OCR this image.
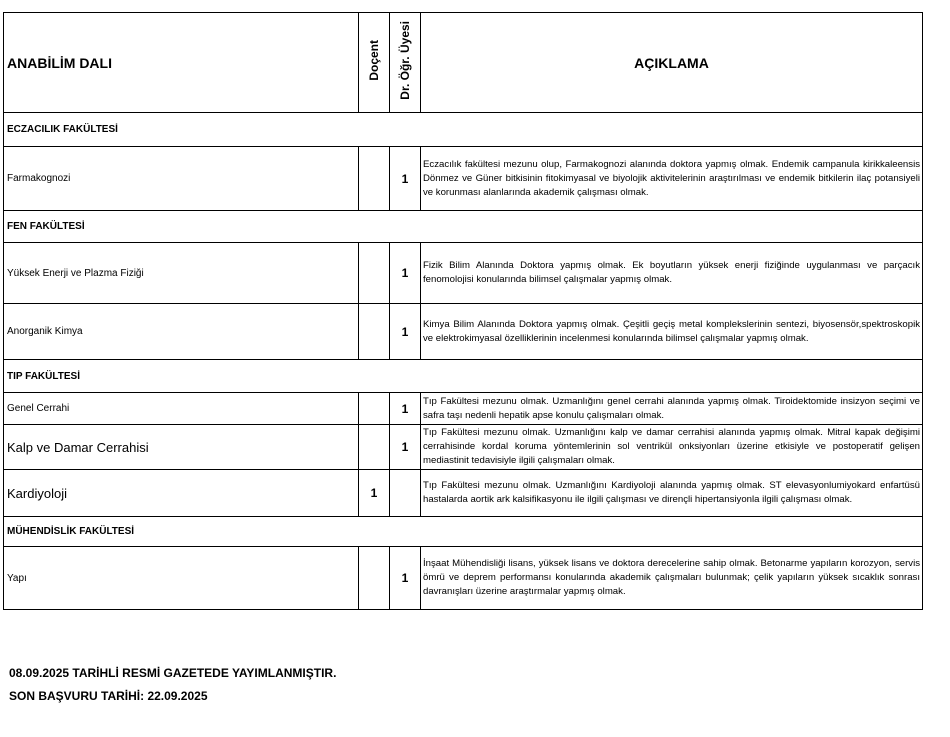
ANABİLİM DALI	Doçent	Dr. Öğr. Üyesi	AÇIKLAMA
ECZACILIK FAKÜLTESİ			
Farmakognozi		1	Eczacılık fakültesi mezunu olup, Farmakognozi alanında doktora yapmış olmak. Endemik campanula kirikkaleensis Dönmez ve Güner bitkisinin fitokimyasal ve biyolojik aktivitelerinin araştırılması ve endemik bitkilerin ilaç potansiyeli ve korunması alanlarında akademik çalışması olmak.
FEN FAKÜLTESİ			
Yüksek Enerji ve Plazma Fiziği		1	Fizik Bilim Alanında Doktora yapmış olmak. Ek boyutların yüksek enerji fiziğinde uygulanması ve parçacık fenomolojisi konularında bilimsel çalışmalar yapmış olmak.
Anorganik Kimya		1	Kimya Bilim Alanında Doktora yapmış olmak. Çeşitli geçiş metal komplekslerinin sentezi, biyosensör,spektroskopik ve elektrokimyasal özelliklerinin incelenmesi konularında bilimsel çalışmalar yapmış olmak.
TIP FAKÜLTESİ			
Genel Cerrahi		1	Tıp Fakültesi mezunu olmak. Uzmanlığını genel cerrahi alanında yapmış olmak. Tiroidektomide insizyon seçimi ve safra taşı nedenli hepatik apse konulu çalışmaları olmak.
Kalp ve Damar Cerrahisi		1	Tıp Fakültesi mezunu olmak. Uzmanlığını kalp ve damar cerrahisi alanında yapmış olmak. Mitral kapak değişimi cerrahisinde kordal koruma yöntemlerinin sol ventrikül onksiyonları üzerine etkisiyle ve postoperatif gelişen mediastinit tedavisiyle ilgili çalışmaları olmak.
Kardiyoloji	1		Tıp Fakültesi mezunu olmak. Uzmanlığını Kardiyoloji alanında yapmış olmak. ST elevasyonlumiyokard enfartüsü hastalarda aortik ark kalsifikasyonu ile ilgili çalışması ve dirençli hipertansiyonla ilgili çalışması olmak.
MÜHENDİSLİK FAKÜLTESİ			
Yapı		1	İnşaat Mühendisliği lisans, yüksek lisans ve doktora derecelerine sahip olmak. Betonarme yapıların korozyon, servis ömrü ve deprem performansı konularında akademik çalışmaları bulunmak; çelik yapıların yüksek sıcaklık sonrası davranışları üzerine araştırmalar yapmış olmak.
08.09.2025 TARİHLİ RESMİ GAZETEDE YAYIMLANMIŞTIR.
SON BAŞVURU TARİHİ: 22.09.2025
